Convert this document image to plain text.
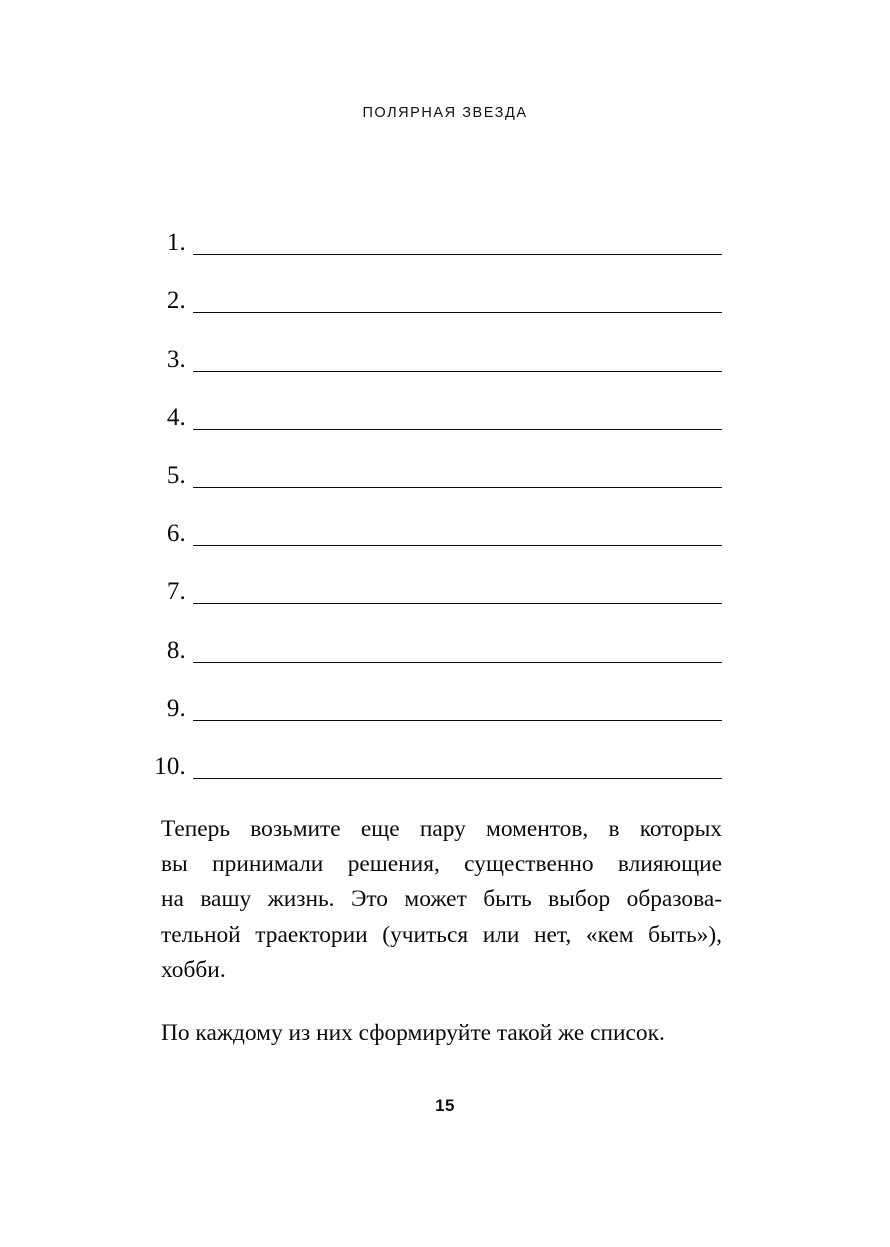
ПОЛЯРНАЯ ЗВЕЗДА
1.
2.
3.
4.
5.
6.
7.
8.
9.
10.

Теперь возьмите еще пару моментов, в которых
вы принимали решения, существенно влияющие
на вашу жизнь. Это может быть выбор образова-
тельной траектории (учиться или нет, «кем быть»),
хобби.

По каждому из них сформируйте такой же список.

15
